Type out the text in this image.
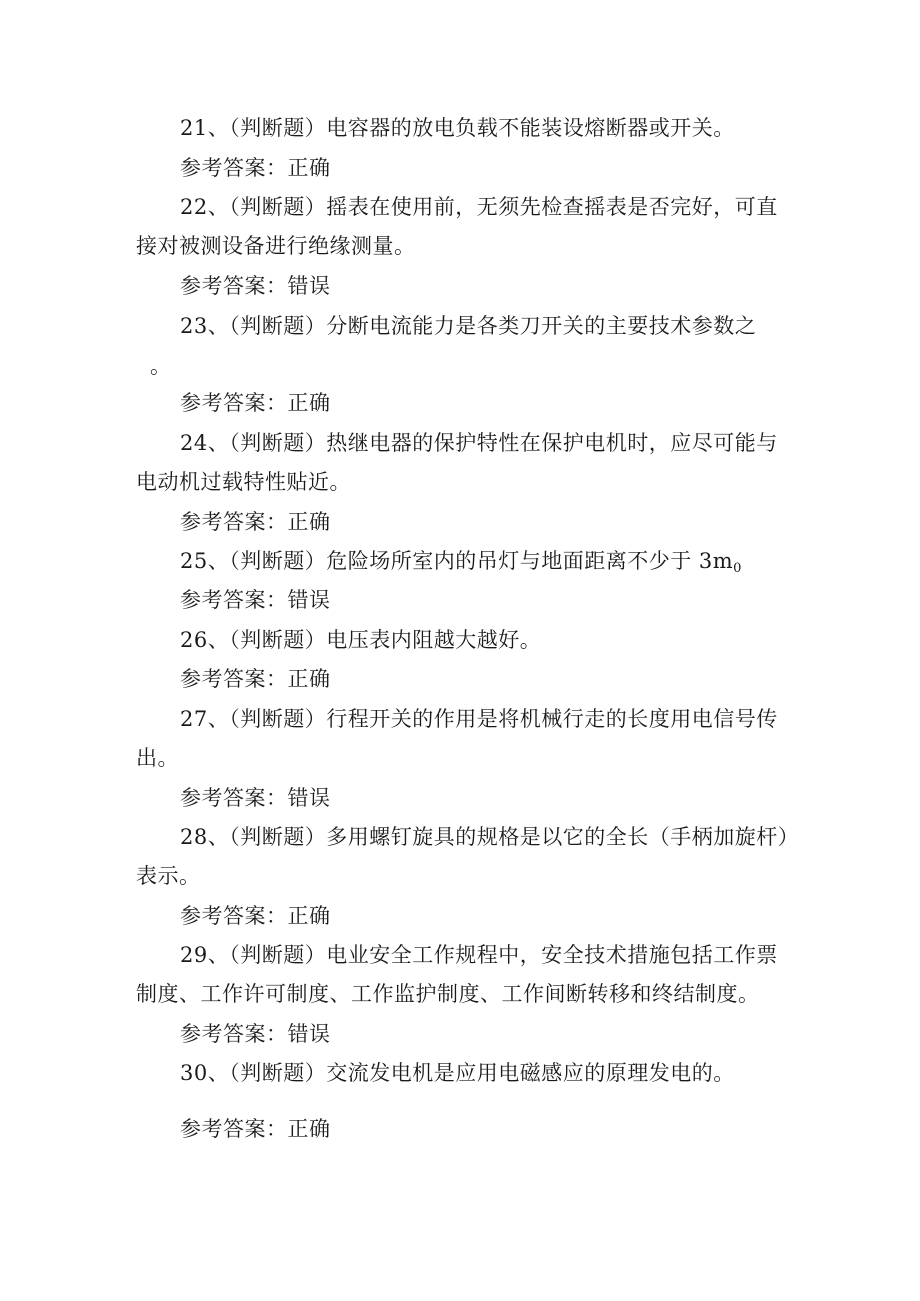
21、（判断题）电容器的放电负载不能装设熔断器或开关。
参考答案：正确
22、（判断题）摇表在使用前，无须先检查摇表是否完好，可直
接对被测设备进行绝缘测量。
参考答案：错误
23、（判断题）分断电流能力是各类刀开关的主要技术参数之
。
参考答案：正确
24、（判断题）热继电器的保护特性在保护电机时，应尽可能与
电动机过载特性贴近。
参考答案：正确
25、（判断题）危险场所室内的吊灯与地面距离不少于 3m0
参考答案：错误
26、（判断题）电压表内阻越大越好。
参考答案：正确
27、（判断题）行程开关的作用是将机械行走的长度用电信号传
出。
参考答案：错误
28、（判断题）多用螺钉旋具的规格是以它的全长（手柄加旋杆）
表示。
参考答案：正确
29、（判断题）电业安全工作规程中，安全技术措施包括工作票
制度、工作许可制度、工作监护制度、工作间断转移和终结制度。
参考答案：错误
30、（判断题）交流发电机是应用电磁感应的原理发电的。
参考答案：正确
